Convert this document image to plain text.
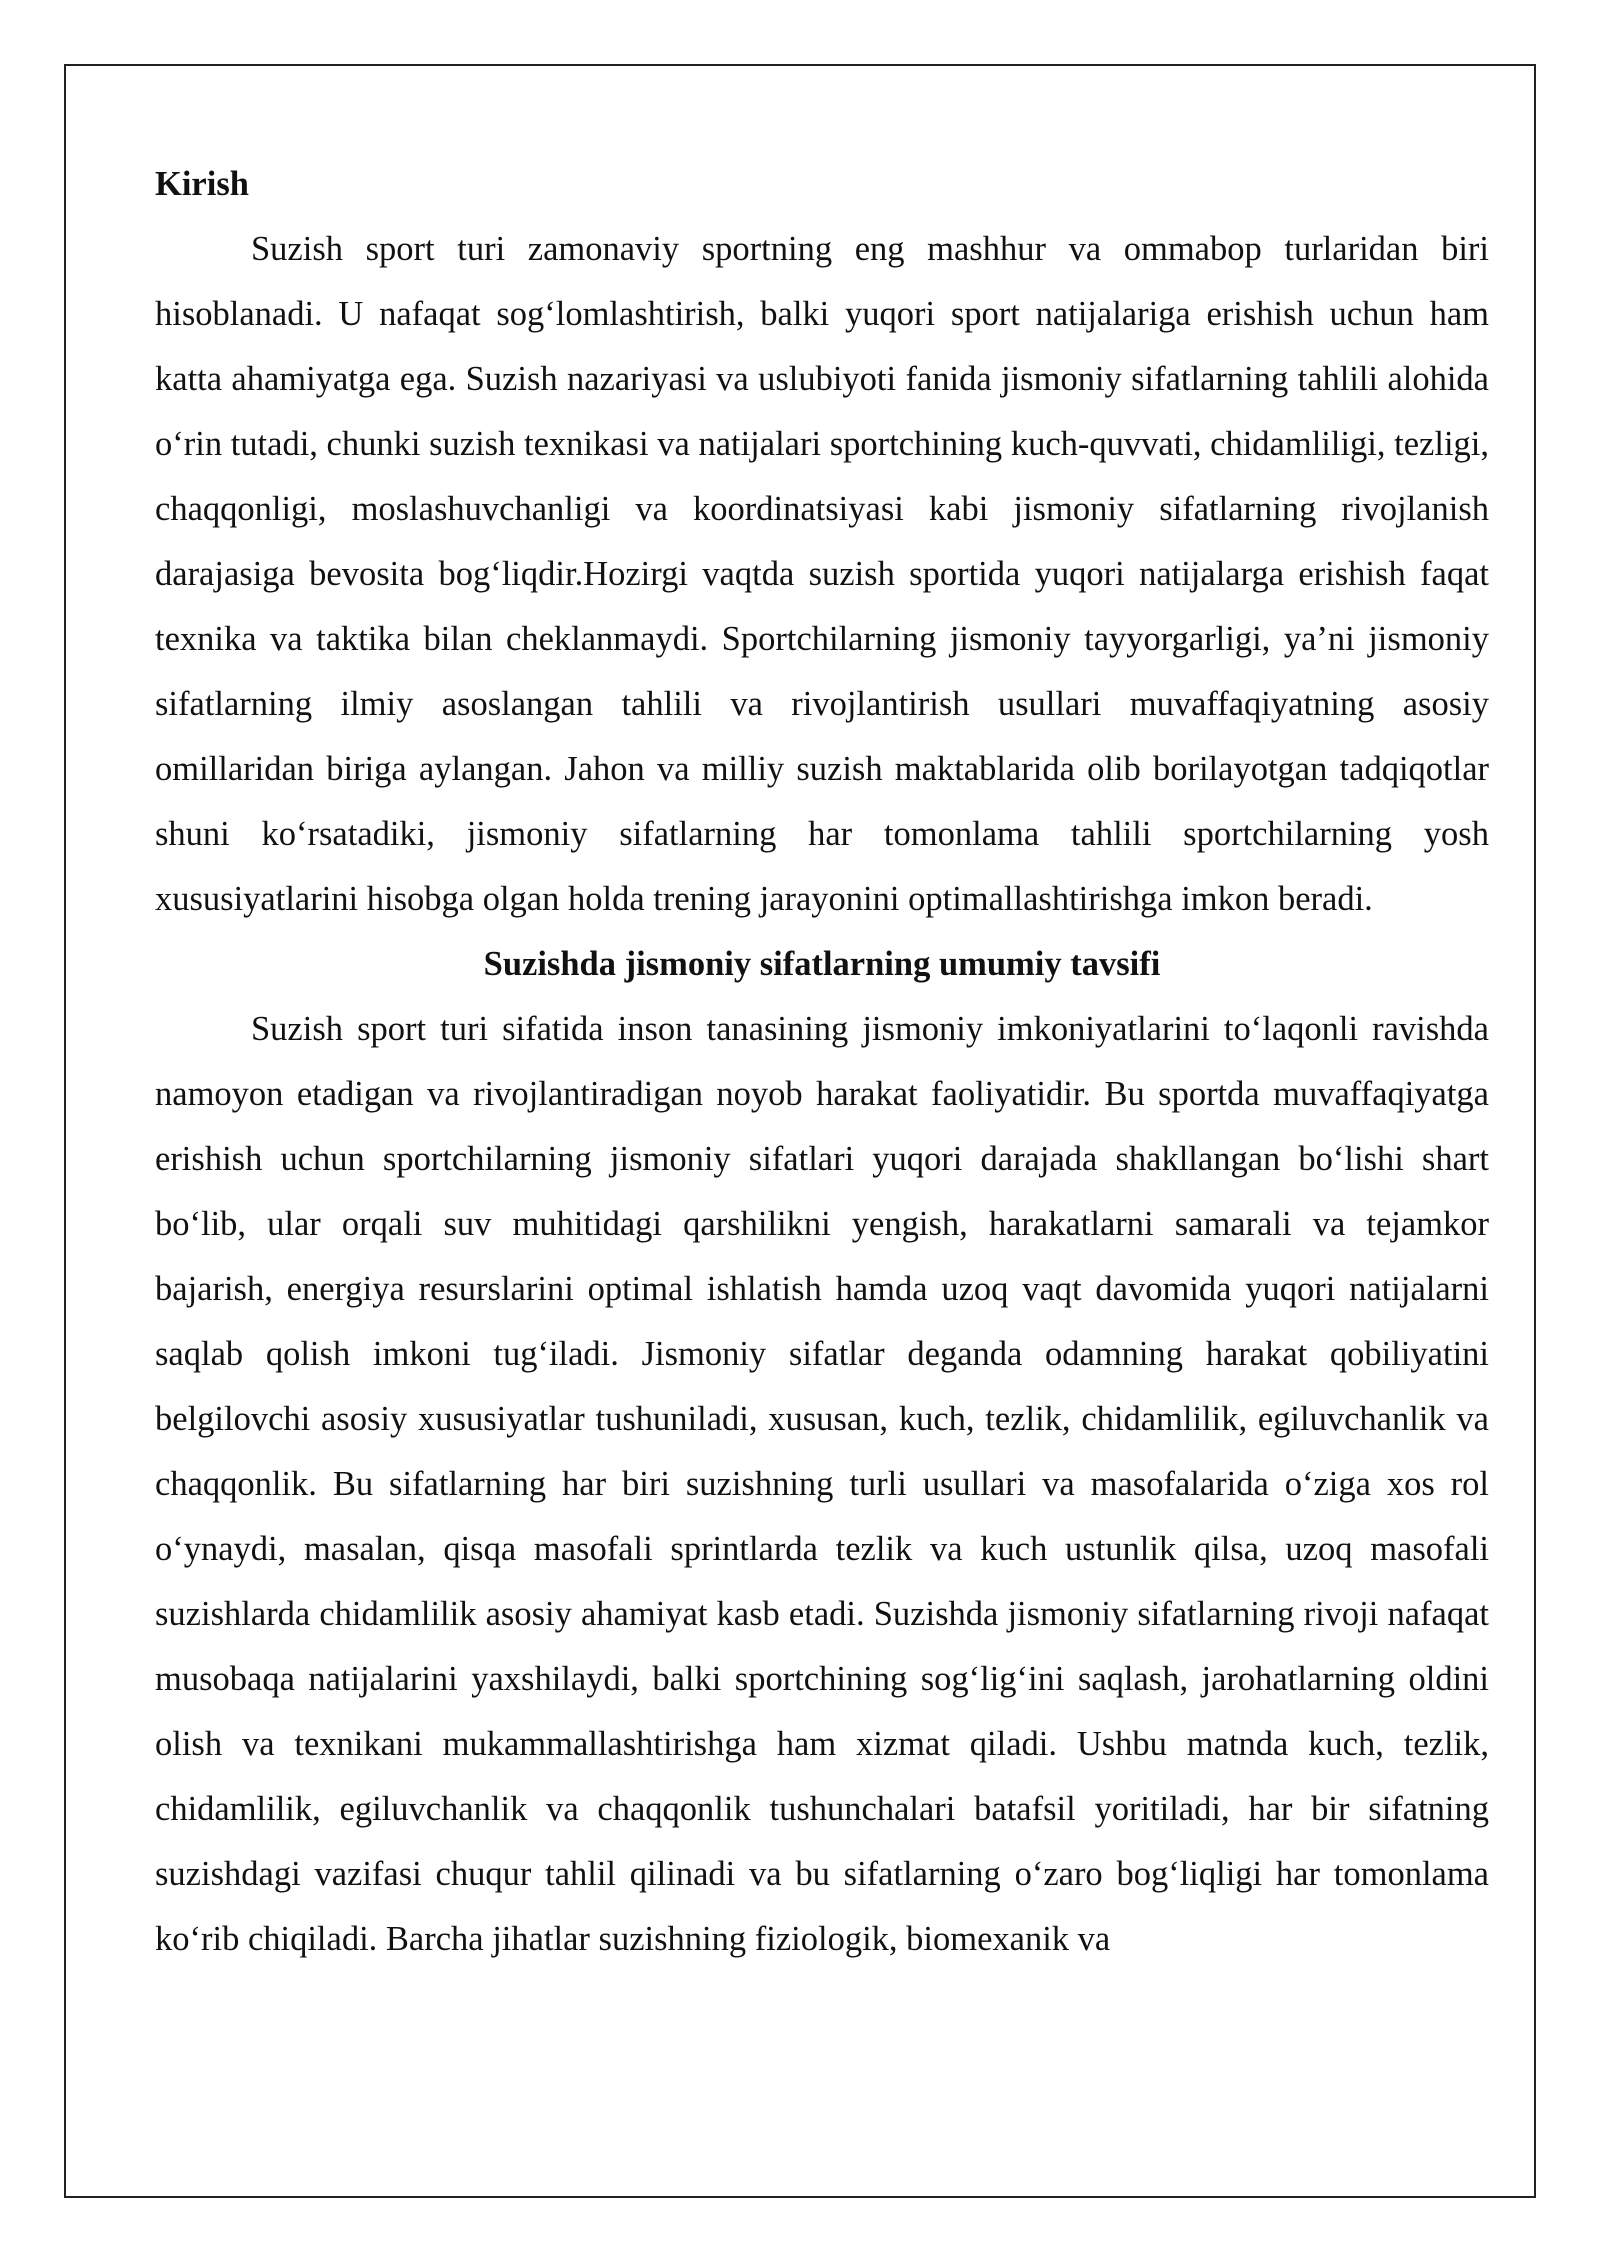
Kirish

Suzish sport turi zamonaviy sportning eng mashhur va ommabop turlaridan biri hisoblanadi. U nafaqat sog‘lomlashtirish, balki yuqori sport natijalariga erishish uchun ham katta ahamiyatga ega. Suzish nazariyasi va uslubiyoti fanida jismoniy sifatlarning tahlili alohida o‘rin tutadi, chunki suzish texnikasi va natijalari sportchining kuch-quvvati, chidamliligi, tezligi, chaqqonligi, moslashuvchanligi va koordinatsiyasi kabi jismoniy sifatlarning rivojlanish darajasiga bevosita bog‘liqdir.Hozirgi vaqtda suzish sportida yuqori natijalarga erishish faqat texnika va taktika bilan cheklanmaydi. Sportchilarning jismoniy tayyorgarligi, ya’ni jismoniy sifatlarning ilmiy asoslangan tahlili va rivojlantirish usullari muvaffaqiyatning asosiy omillaridan biriga aylangan. Jahon va milliy suzish maktablarida olib borilayotgan tadqiqotlar shuni ko‘rsatadiki, jismoniy sifatlarning har tomonlama tahlili sportchilarning yosh xususiyatlarini hisobga olgan holda trening jarayonini optimallashtirishga imkon beradi.

Suzishda jismoniy sifatlarning umumiy tavsifi

Suzish sport turi sifatida inson tanasining jismoniy imkoniyatlarini to‘laqonli ravishda namoyon etadigan va rivojlantiradigan noyob harakat faoliyatidir. Bu sportda muvaffaqiyatga erishish uchun sportchilarning jismoniy sifatlari yuqori darajada shakllangan bo‘lishi shart bo‘lib, ular orqali suv muhitidagi qarshilikni yengish, harakatlarni samarali va tejamkor bajarish, energiya resurslarini optimal ishlatish hamda uzoq vaqt davomida yuqori natijalarni saqlab qolish imkoni tug‘iladi. Jismoniy sifatlar deganda odamning harakat qobiliyatini belgilovchi asosiy xususiyatlar tushuniladi, xususan, kuch, tezlik, chidamlilik, egiluvchanlik va chaqqonlik. Bu sifatlarning har biri suzishning turli usullari va masofalarida o‘ziga xos rol o‘ynaydi, masalan, qisqa masofali sprintlarda tezlik va kuch ustunlik qilsa, uzoq masofali suzishlarda chidamlilik asosiy ahamiyat kasb etadi. Suzishda jismoniy sifatlarning rivoji nafaqat musobaqa natijalarini yaxshilaydi, balki sportchining sog‘lig‘ini saqlash, jarohatlarning oldini olish va texnikani mukammallashtirishga ham xizmat qiladi. Ushbu matnda kuch, tezlik, chidamlilik, egiluvchanlik va chaqqonlik tushunchalari batafsil yoritiladi, har bir sifatning suzishdagi vazifasi chuqur tahlil qilinadi va bu sifatlarning o‘zaro bog‘liqligi har tomonlama ko‘rib chiqiladi. Barcha jihatlar suzishning fiziologik, biomexanik va
